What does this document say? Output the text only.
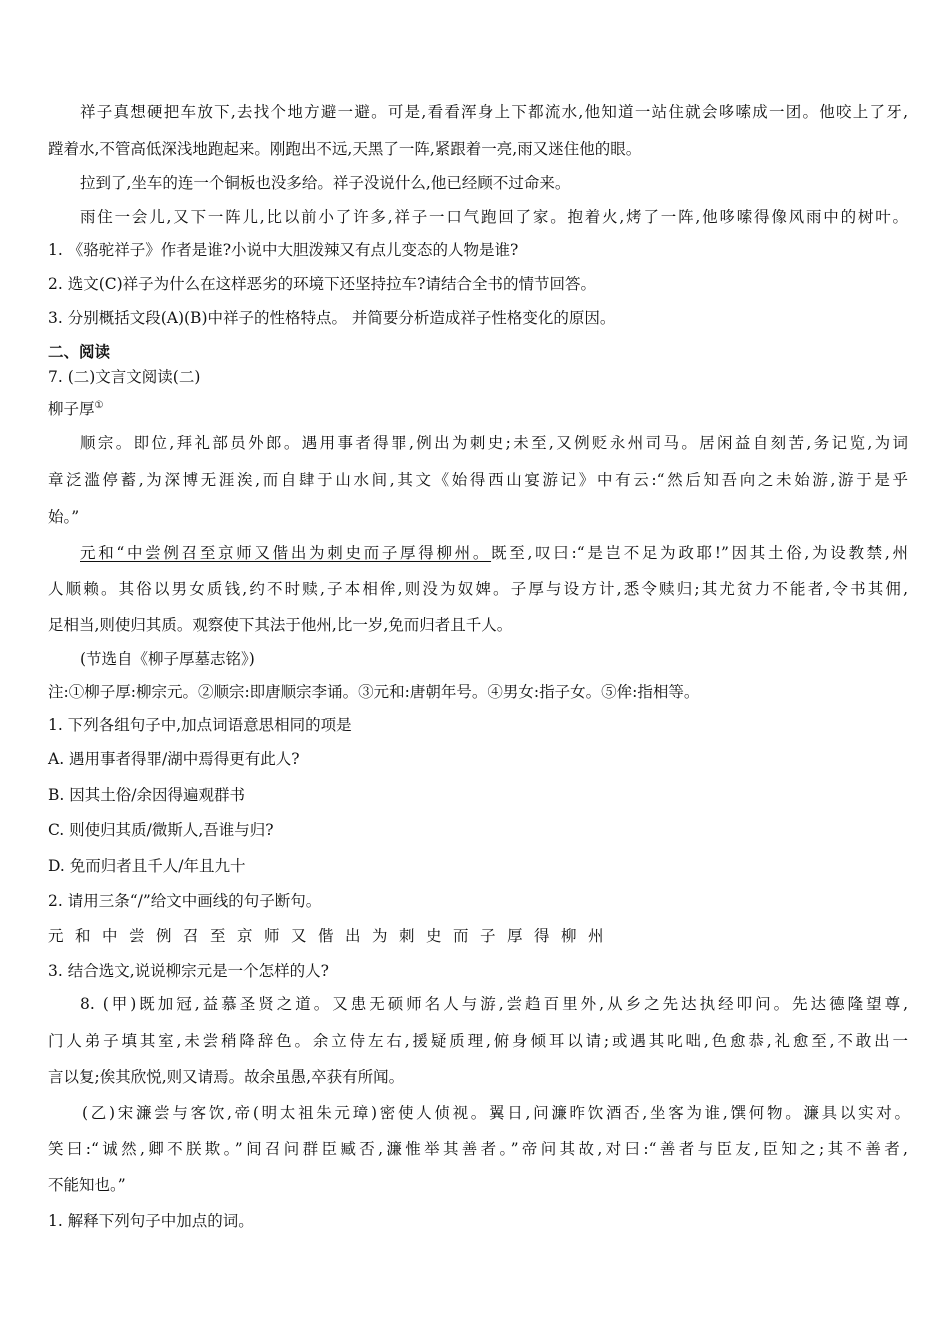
祥子真想硬把车放下,去找个地方避一避。可是,看看浑身上下都流水,他知道一站住就会哆嗦成一团。他咬上了牙,
蹚着水,不管高低深浅地跑起来。刚跑出不远,天黑了一阵,紧跟着一亮,雨又迷住他的眼。
拉到了,坐车的连一个铜板也没多给。祥子没说什么,他已经顾不过命来。
雨住一会儿,又下一阵儿,比以前小了许多,祥子一口气跑回了家。抱着火,烤了一阵,他哆嗦得像风雨中的树叶。
1. 《骆驼祥子》作者是谁?小说中大胆泼辣又有点儿变态的人物是谁?
2. 选文(C)祥子为什么在这样恶劣的环境下还坚持拉车?请结合全书的情节回答。
3. 分别概括文段(A)(B)中祥子的性格特点。 并简要分析造成祥子性格变化的原因。
二、阅读
7. (二)文言文阅读(二)
柳子厚①
顺宗。即位,拜礼部员外郎。遇用事者得罪,例出为刺史;未至,又例贬永州司马。居闲益自刻苦,务记览,为词
章泛滥停蓄,为深博无涯涘,而自肆于山水间,其文《始得西山宴游记》中有云:“然后知吾向之未始游,游于是乎
始。”
元和“中尝例召至京师又偕出为刺史而子厚得柳州。既至,叹曰:“是岂不足为政耶!”因其土俗,为设教禁,州
人顺赖。其俗以男女质钱,约不时赎,子本相侔,则没为奴婢。子厚与设方计,悉令赎归;其尤贫力不能者,令书其佣,
足相当,则使归其质。观察使下其法于他州,比一岁,免而归者且千人。
(节选自《柳子厚墓志铭》)
注:①柳子厚:柳宗元。②顺宗:即唐顺宗李诵。③元和:唐朝年号。④男女:指子女。⑤侔:指相等。
1. 下列各组句子中,加点词语意思相同的项是
A. 遇用事者得罪/湖中焉得更有此人?
B. 因其土俗/余因得遍观群书
C. 则使归其质/微斯人,吾谁与归?
D. 免而归者且千人/年且九十
2. 请用三条“/”给文中画线的句子断句。
元和中尝例召至京师又偕出为刺史而子厚得柳州
3. 结合选文,说说柳宗元是一个怎样的人?
8. (甲)既加冠,益慕圣贤之道。又患无硕师名人与游,尝趋百里外,从乡之先达执经叩问。先达德隆望尊,
门人弟子填其室,未尝稍降辞色。余立侍左右,援疑质理,俯身倾耳以请;或遇其叱咄,色愈恭,礼愈至,不敢出一
言以复;俟其欣悦,则又请焉。故余虽愚,卒获有所闻。
(乙)宋濂尝与客饮,帝(明太祖朱元璋)密使人侦视。翼日,问濂昨饮酒否,坐客为谁,馔何物。濂具以实对。
笑曰:“诚然,卿不朕欺。”间召问群臣臧否,濂惟举其善者。”帝问其故,对曰:“善者与臣友,臣知之;其不善者,
不能知也。”
1. 解释下列句子中加点的词。
